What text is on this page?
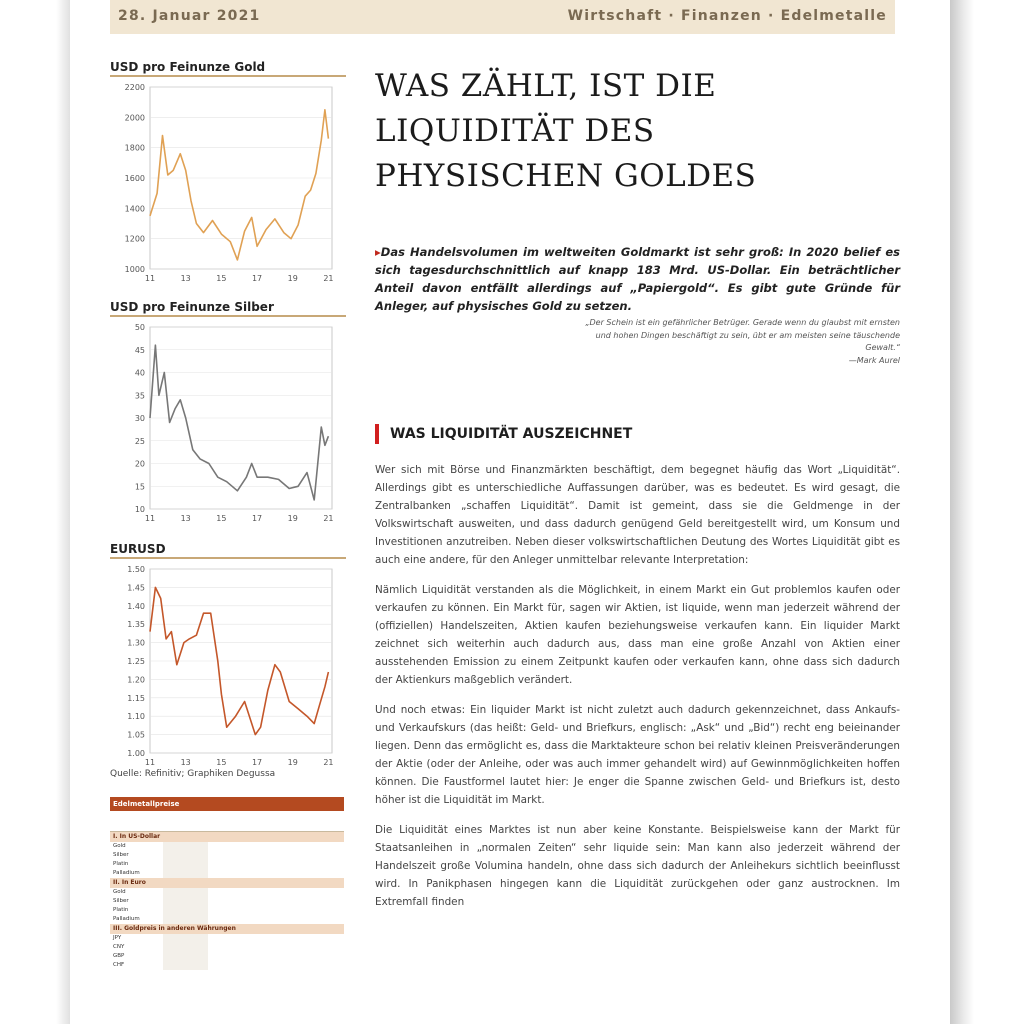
28. Januar 2021	Wirtschaft · Finanzen · Edelmetalle
USD pro Feinunze Gold
1000
1200
1400
1600
1800
2000
2200
11	13	15	17	19	21
USD pro Feinunze Silber
10
15
20
25
30
35
40
45
50
11	13	15	17	19	21
EURUSD
1.00
1.05
1.10
1.15
1.20
1.25
1.30
1.35
1.40
1.45
1.50
11	13	15	17	19	21
Quelle: Refinitiv; Graphiken Degussa
Edelmetallpreise
I. In US-Dollar
Gold
Silber
Platin
Palladium
II. In Euro
Gold
Silber
Platin
Palladium
III. Goldpreis in anderen Währungen
JPY
CNY
GBP
CHF
WAS ZÄHLT, IST DIE
LIQUIDITÄT DES
PHYSISCHEN GOLDES

▸Das Handelsvolumen im weltweiten Goldmarkt ist sehr groß: In 2020 belief es sich tagesdurchschnittlich auf knapp 183 Mrd. US-Dollar. Ein beträchtlicher Anteil davon entfällt allerdings auf „Papiergold“. Es gibt gute Gründe für Anleger, auf physisches Gold zu setzen.

„Der Schein ist ein gefährlicher Betrüger. Gerade wenn du glaubst mit ernsten und hohen Dingen beschäftigt zu sein, übt er am meisten seine täuschende Gewalt.“
—Mark Aurel

WAS LIQUIDITÄT AUSZEICHNET

Wer sich mit Börse und Finanzmärkten beschäftigt, dem begegnet häufig das Wort „Liquidität“. Allerdings gibt es unterschiedliche Auffassungen darüber, was es bedeutet. Es wird gesagt, die Zentralbanken „schaffen Liquidität“. Damit ist gemeint, dass sie die Geldmenge in der Volkswirtschaft ausweiten, und dass dadurch genügend Geld bereitgestellt wird, um Konsum und Investitionen anzutreiben. Neben dieser volkswirtschaftlichen Deutung des Wortes Liquidität gibt es auch eine andere, für den Anleger unmittelbar relevante Interpretation:

Nämlich Liquidität verstanden als die Möglichkeit, in einem Markt ein Gut problemlos kaufen oder verkaufen zu können. Ein Markt für, sagen wir Aktien, ist liquide, wenn man jederzeit während der (offiziellen) Handelszeiten, Aktien kaufen beziehungsweise verkaufen kann. Ein liquider Markt zeichnet sich weiterhin auch dadurch aus, dass man eine große Anzahl von Aktien einer ausstehenden Emission zu einem Zeitpunkt kaufen oder verkaufen kann, ohne dass sich dadurch der Aktienkurs maßgeblich verändert.

Und noch etwas: Ein liquider Markt ist nicht zuletzt auch dadurch gekennzeichnet, dass Ankaufs- und Verkaufskurs (das heißt: Geld- und Briefkurs, englisch: „Ask“ und „Bid“) recht eng beieinander liegen. Denn das ermöglicht es, dass die Marktakteure schon bei relativ kleinen Preisveränderungen der Aktie (oder der Anleihe, oder was auch immer gehandelt wird) auf Gewinnmöglichkeiten hoffen können. Die Faustformel lautet hier: Je enger die Spanne zwischen Geld- und Briefkurs ist, desto höher ist die Liquidität im Markt.

Die Liquidität eines Marktes ist nun aber keine Konstante. Beispielsweise kann der Markt für Staatsanleihen in „normalen Zeiten“ sehr liquide sein: Man kann also jederzeit während der Handelszeit große Volumina handeln, ohne dass sich dadurch der Anleihekurs sichtlich beeinflusst wird. In Panikphasen hingegen kann die Liquidität zurückgehen oder ganz austrocknen. Im Extremfall finden
